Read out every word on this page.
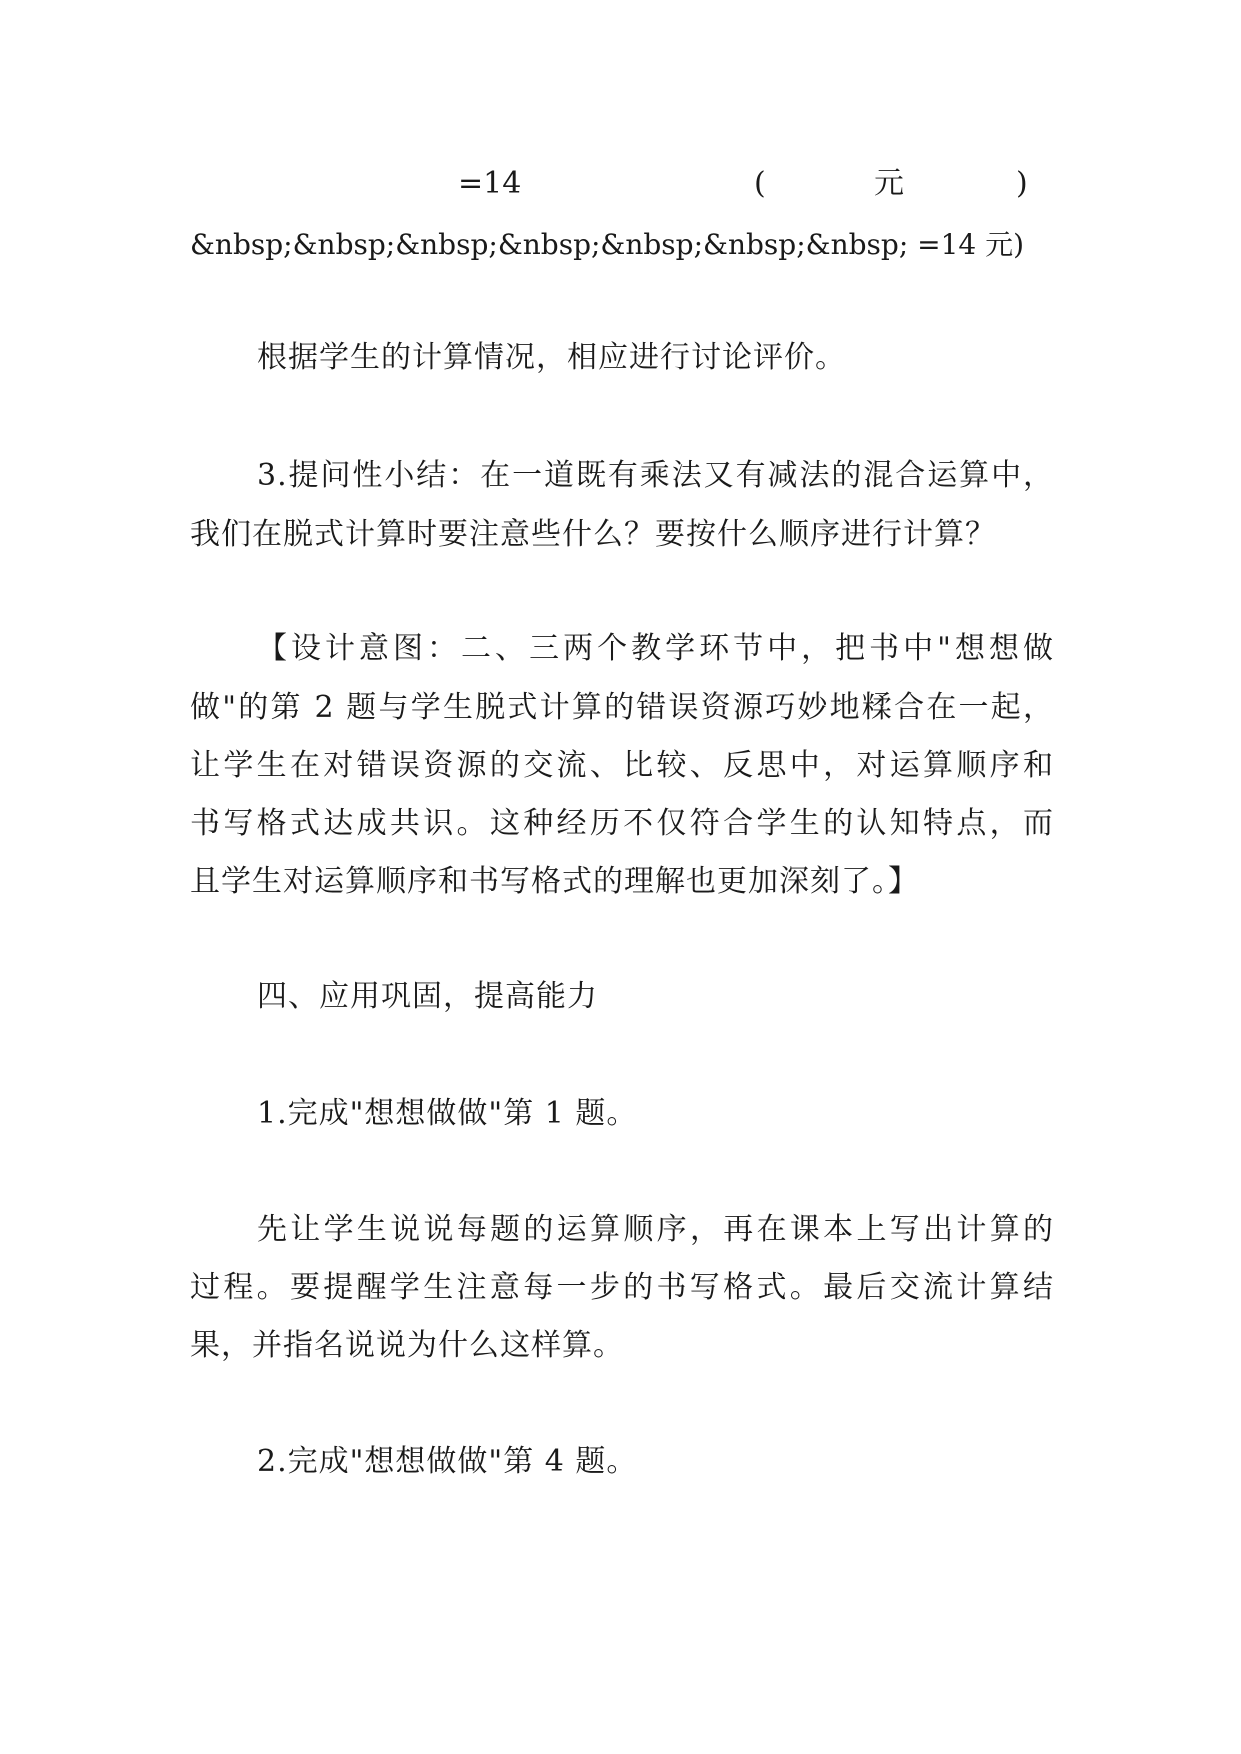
=14	(	元	)
&nbsp;&nbsp;&nbsp;&nbsp;&nbsp;&nbsp;&nbsp; =14 元)
根据学生的计算情况，相应进行讨论评价。
3.提问性小结：在一道既有乘法又有减法的混合运算中，
我们在脱式计算时要注意些什么？要按什么顺序进行计算？
【设计意图：二、三两个教学环节中，把书中"想想做
做"的第 2 题与学生脱式计算的错误资源巧妙地糅合在一起，
让学生在对错误资源的交流、比较、反思中，对运算顺序和
书写格式达成共识。这种经历不仅符合学生的认知特点，而
且学生对运算顺序和书写格式的理解也更加深刻了。】
四、应用巩固，提高能力
1.完成"想想做做"第 1 题。
先让学生说说每题的运算顺序，再在课本上写出计算的
过程。要提醒学生注意每一步的书写格式。最后交流计算结
果，并指名说说为什么这样算。
2.完成"想想做做"第 4 题。
